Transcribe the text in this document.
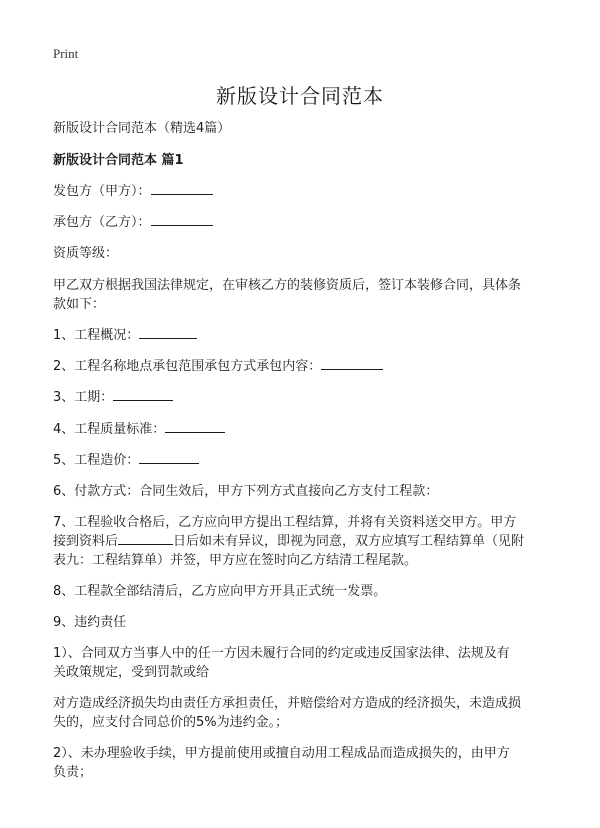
Print
新版设计合同范本
新版设计合同范本（精选4篇）
新版设计合同范本 篇1
发包方（甲方）：
承包方（乙方）：
资质等级：
甲乙双方根据我国法律规定，在审核乙方的装修资质后，签订本装修合同，具体条
款如下：
1、工程概况：
2、工程名称地点承包范围承包方式承包内容：
3、工期：
4、工程质量标准：
5、工程造价：
6、付款方式：合同生效后，甲方下列方式直接向乙方支付工程款：
7、工程验收合格后，乙方应向甲方提出工程结算，并将有关资料送交甲方。甲方
接到资料后	日后如未有异议，即视为同意，双方应填写工程结算单（见附
表九：工程结算单）并签，甲方应在签时向乙方结清工程尾款。
8、工程款全部结清后，乙方应向甲方开具正式统一发票。
9、违约责任
1）、合同双方当事人中的任一方因未履行合同的约定或违反国家法律、法规及有
关政策规定，受到罚款或给
对方造成经济损失均由责任方承担责任，并赔偿给对方造成的经济损失，未造成损
失的，应支付合同总价的5%为违约金。；
2）、未办理验收手续，甲方提前使用或擅自动用工程成品而造成损失的，由甲方
负责；
